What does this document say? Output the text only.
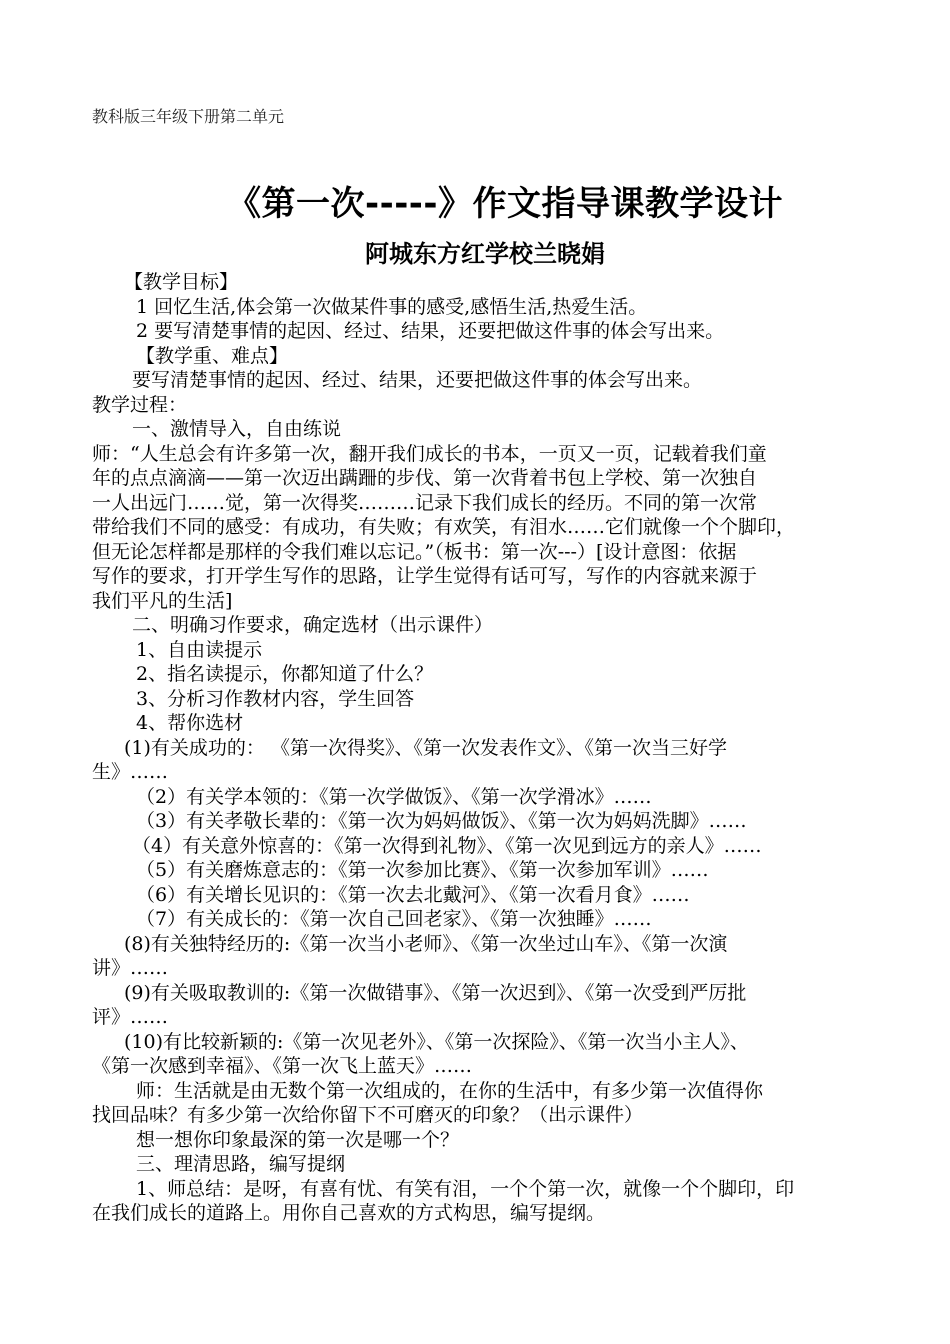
教科版三年级下册第二单元
《第一次-----》作文指导课教学设计
阿城东方红学校兰晓娟
【教学目标】
1 回忆生活,体会第一次做某件事的感受,感悟生活,热爱生活。
2 要写清楚事情的起因、经过、结果，还要把做这件事的体会写出来。
【教学重、难点】
要写清楚事情的起因、经过、结果，还要把做这件事的体会写出来。
教学过程：
一、激情导入，自由练说
师：“人生总会有许多第一次，翻开我们成长的书本，一页又一页，记载着我们童
年的点点滴滴——第一次迈出蹒跚的步伐、第一次背着书包上学校、第一次独自
一人出远门……觉，第一次得奖………记录下我们成长的经历。不同的第一次常
带给我们不同的感受：有成功，有失败；有欢笑，有泪水……它们就像一个个脚印，
但无论怎样都是那样的令我们难以忘记。”（板书：第一次---）[设计意图：依据
写作的要求，打开学生写作的思路，让学生觉得有话可写，写作的内容就来源于
我们平凡的生活]
二、明确习作要求，确定选材（出示课件）
1、自由读提示
2、指名读提示，你都知道了什么？
3、分析习作教材内容，学生回答
4、帮你选材
(1)有关成功的： 《第一次得奖》、《第一次发表作文》、《第一次当三好学
生》……
（2）有关学本领的：《第一次学做饭》、《第一次学滑冰》……
（3）有关孝敬长辈的：《第一次为妈妈做饭》、《第一次为妈妈洗脚》……
（4）有关意外惊喜的：《第一次得到礼物》、《第一次见到远方的亲人》……
（5）有关磨炼意志的：《第一次参加比赛》、《第一次参加军训》……
（6）有关增长见识的：《第一次去北戴河》、《第一次看月食》……
（7）有关成长的：《第一次自己回老家》、《第一次独睡》……
(8)有关独特经历的:《第一次当小老师》、《第一次坐过山车》、《第一次演
讲》……
(9)有关吸取教训的:《第一次做错事》、《第一次迟到》、《第一次受到严厉批
评》……
(10)有比较新颖的:《第一次见老外》、《第一次探险》、《第一次当小主人》、
《第一次感到幸福》、《第一次飞上蓝天》……
师：生活就是由无数个第一次组成的，在你的生活中，有多少第一次值得你
找回品味？有多少第一次给你留下不可磨灭的印象？（出示课件）
想一想你印象最深的第一次是哪一个？
三、理清思路，编写提纲
1、师总结：是呀，有喜有忧、有笑有泪，一个个第一次，就像一个个脚印，印
在我们成长的道路上。用你自己喜欢的方式构思，编写提纲。
